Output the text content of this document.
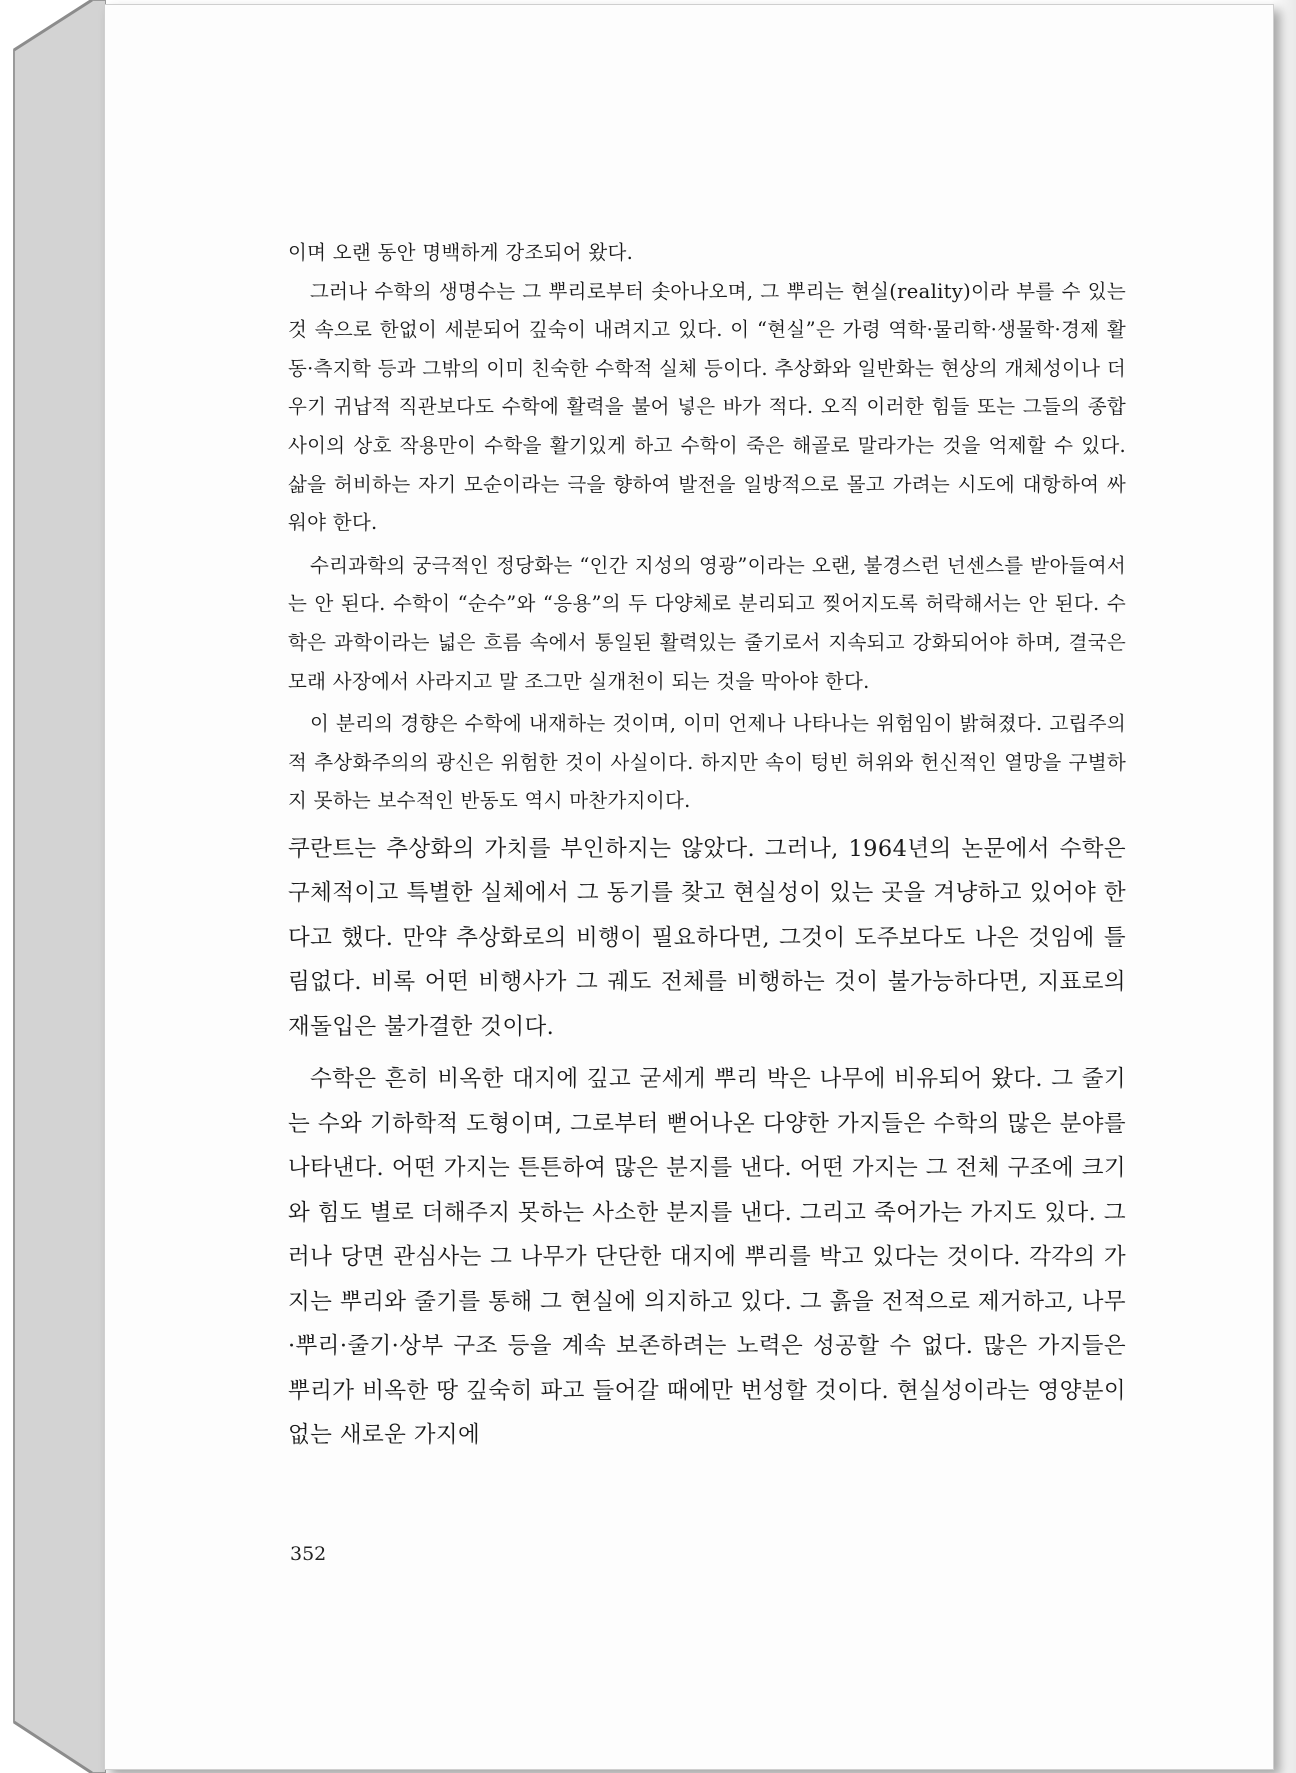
이며 오랜 동안 명백하게 강조되어 왔다.

그러나 수학의 생명수는 그 뿌리로부터 솟아나오며, 그 뿌리는 현실(reality)이라 부를 수 있는 것 속으로 한없이 세분되어 깊숙이 내려지고 있다. 이 “현실”은 가령 역학·물리학·생물학·경제 활동·측지학 등과 그밖의 이미 친숙한 수학적 실체 등이다. 추상화와 일반화는 현상의 개체성이나 더우기 귀납적 직관보다도 수학에 활력을 불어 넣은 바가 적다. 오직 이러한 힘들 또는 그들의 종합 사이의 상호 작용만이 수학을 활기있게 하고 수학이 죽은 해골로 말라가는 것을 억제할 수 있다. 삶을 허비하는 자기 모순이라는 극을 향하여 발전을 일방적으로 몰고 가려는 시도에 대항하여 싸워야 한다.

수리과학의 궁극적인 정당화는 “인간 지성의 영광”이라는 오랜, 불경스런 넌센스를 받아들여서는 안 된다. 수학이 “순수”와 “응용”의 두 다양체로 분리되고 찢어지도록 허락해서는 안 된다. 수학은 과학이라는 넓은 흐름 속에서 통일된 활력있는 줄기로서 지속되고 강화되어야 하며, 결국은 모래 사장에서 사라지고 말 조그만 실개천이 되는 것을 막아야 한다.

이 분리의 경향은 수학에 내재하는 것이며, 이미 언제나 나타나는 위험임이 밝혀졌다. 고립주의적 추상화주의의 광신은 위험한 것이 사실이다. 하지만 속이 텅빈 허위와 헌신적인 열망을 구별하지 못하는 보수적인 반동도 역시 마찬가지이다.

쿠란트는 추상화의 가치를 부인하지는 않았다. 그러나, 1964년의 논문에서 수학은 구체적이고 특별한 실체에서 그 동기를 찾고 현실성이 있는 곳을 겨냥하고 있어야 한다고 했다. 만약 추상화로의 비행이 필요하다면, 그것이 도주보다도 나은 것임에 틀림없다. 비록 어떤 비행사가 그 궤도 전체를 비행하는 것이 불가능하다면, 지표로의 재돌입은 불가결한 것이다.

수학은 흔히 비옥한 대지에 깊고 굳세게 뿌리 박은 나무에 비유되어 왔다. 그 줄기는 수와 기하학적 도형이며, 그로부터 뻗어나온 다양한 가지들은 수학의 많은 분야를 나타낸다. 어떤 가지는 튼튼하여 많은 분지를 낸다. 어떤 가지는 그 전체 구조에 크기와 힘도 별로 더해주지 못하는 사소한 분지를 낸다. 그리고 죽어가는 가지도 있다. 그러나 당면 관심사는 그 나무가 단단한 대지에 뿌리를 박고 있다는 것이다. 각각의 가지는 뿌리와 줄기를 통해 그 현실에 의지하고 있다. 그 흙을 전적으로 제거하고, 나무·뿌리·줄기·상부 구조 등을 계속 보존하려는 노력은 성공할 수 없다. 많은 가지들은 뿌리가 비옥한 땅 깊숙히 파고 들어갈 때에만 번성할 것이다. 현실성이라는 영양분이 없는 새로운 가지에

352
